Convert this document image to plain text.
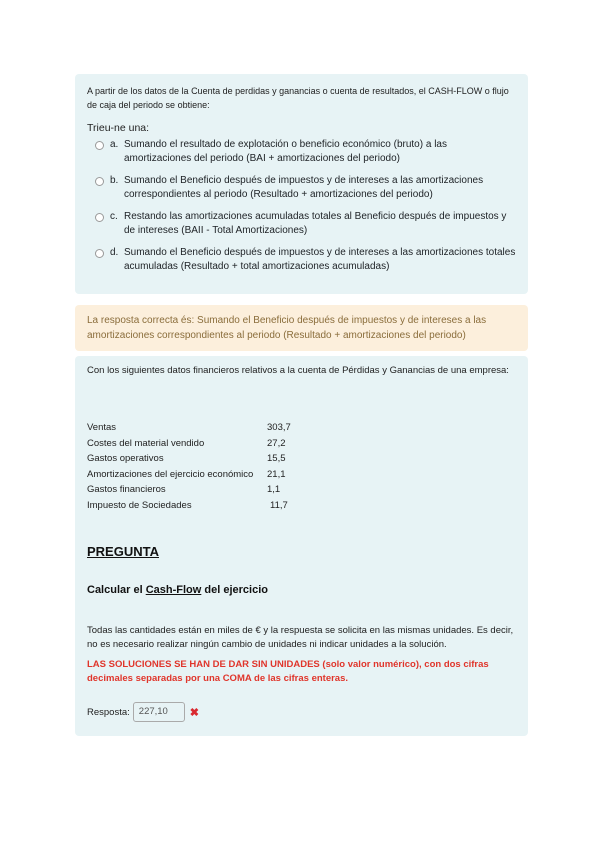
A partir de los datos de la Cuenta de perdidas y ganancias o cuenta de resultados, el CASH-FLOW o flujo de caja del periodo se obtiene:
Trieu-ne una:
a. Sumando el resultado de explotación o beneficio económico (bruto) a las amortizaciones del periodo (BAI + amortizaciones del periodo)
b. Sumando el Beneficio después de impuestos y de intereses a las amortizaciones correspondientes al periodo (Resultado + amortizaciones del periodo)
c. Restando las amortizaciones acumuladas totales al Beneficio después de impuestos y de intereses (BAII - Total Amortizaciones)
d. Sumando el Beneficio después de impuestos y de intereses a las amortizaciones totales acumuladas (Resultado + total amortizaciones acumuladas)
La resposta correcta és: Sumando el Beneficio después de impuestos y de intereses a las amortizaciones correspondientes al periodo (Resultado + amortizaciones del periodo)
Con los siguientes datos financieros relativos a la cuenta de Pérdidas y Ganancias de una empresa:
Ventas	303,7
Costes del material vendido	27,2
Gastos operativos	15,5
Amortizaciones del ejercicio económico	21,1
Gastos financieros	1,1
Impuesto de Sociedades	11,7
PREGUNTA
Calcular el Cash-Flow del ejercicio
Todas las cantidades están en miles de € y la respuesta se solicita en las mismas unidades. Es decir, no es necesario realizar ningún cambio de unidades ni indicar unidades a la solución.
LAS SOLUCIONES SE HAN DE DAR SIN UNIDADES (solo valor numérico), con dos cifras decimales separadas por una COMA de las cifras enteras.
Resposta: 227,10	✖
